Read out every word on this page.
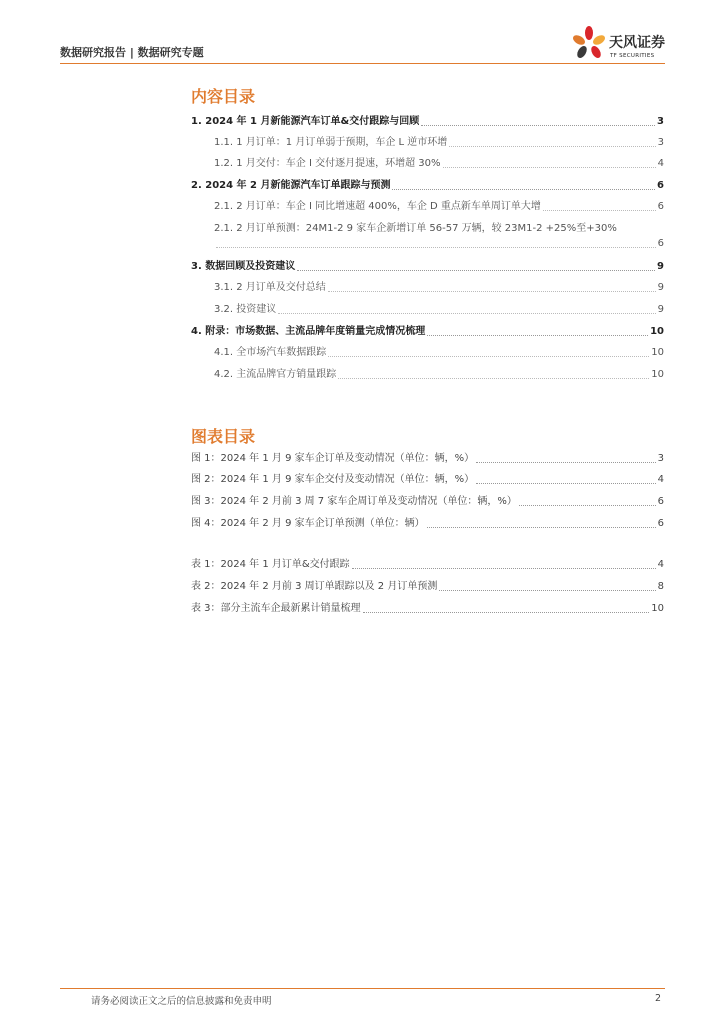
数据研究报告 | 数据研究专题
天风证券
TF SECURITIES
内容目录
1. 2024 年 1 月新能源汽车订单&交付跟踪与回顾	3
1.1. 1 月订单：1 月订单弱于预期，车企 L 逆市环增	3
1.2. 1 月交付：车企 I 交付逐月提速，环增超 30%	4
2. 2024 年 2 月新能源汽车订单跟踪与预测	6
2.1. 2 月订单：车企 I 同比增速超 400%，车企 D 重点新车单周订单大增	6
2.1. 2 月订单预测：24M1-2 9 家车企新增订单 56-57 万辆，较 23M1-2 +25%至+30%
6
3. 数据回顾及投资建议	9
3.1. 2 月订单及交付总结	9
3.2. 投资建议	9
4. 附录：市场数据、主流品牌年度销量完成情况梳理	10
4.1. 全市场汽车数据跟踪	10
4.2. 主流品牌官方销量跟踪	10
图表目录
图 1：2024 年 1 月 9 家车企订单及变动情况（单位：辆，%）	3
图 2：2024 年 1 月 9 家车企交付及变动情况（单位：辆，%）	4
图 3：2024 年 2 月前 3 周 7 家车企周订单及变动情况（单位：辆，%）	6
图 4：2024 年 2 月 9 家车企订单预测（单位：辆）	6
表 1：2024 年 1 月订单&交付跟踪	4
表 2：2024 年 2 月前 3 周订单跟踪以及 2 月订单预测	8
表 3：部分主流车企最新累计销量梳理	10
请务必阅读正文之后的信息披露和免责申明	2
